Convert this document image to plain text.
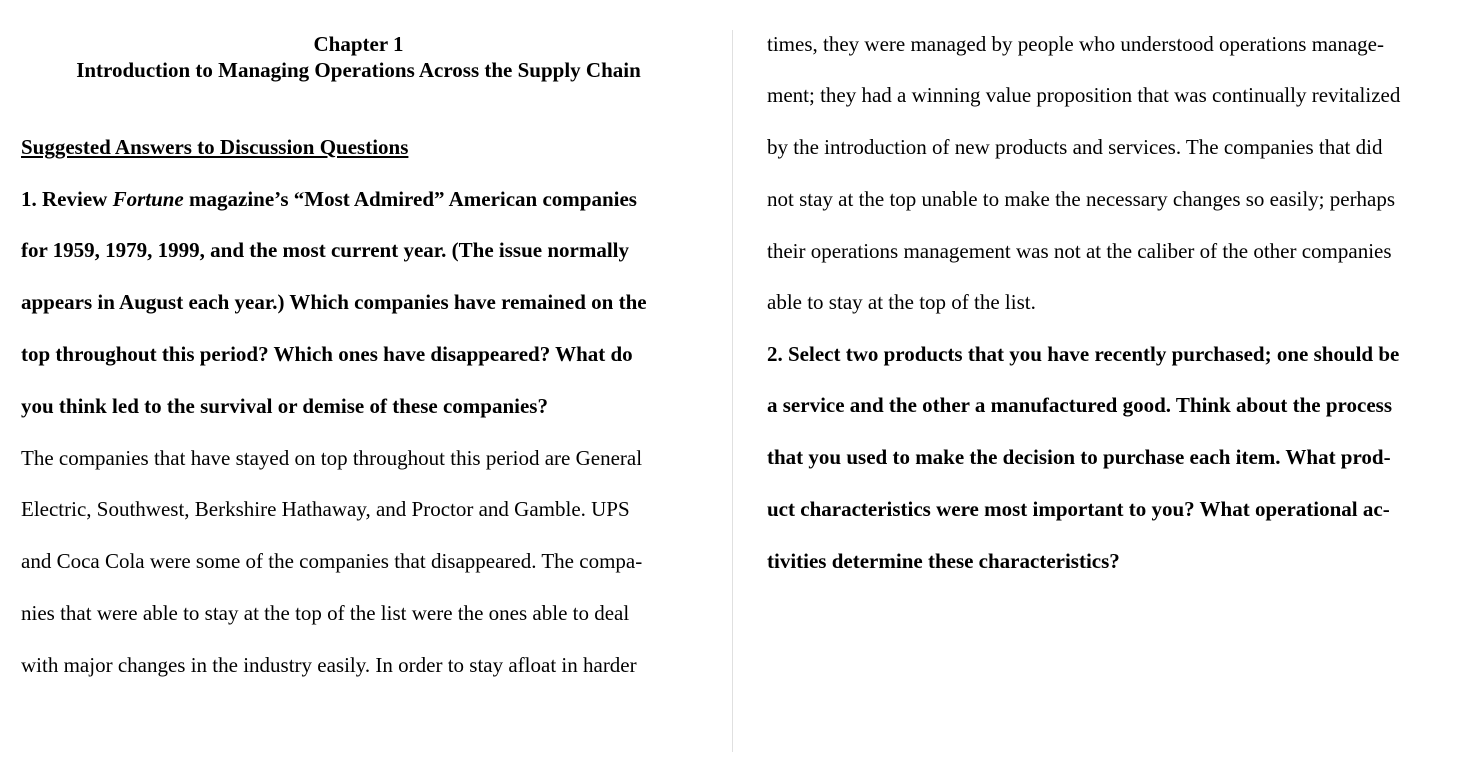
Chapter 1
Introduction to Managing Operations Across the Supply Chain
Suggested Answers to Discussion Questions
1. Review Fortune magazine’s “Most Admired” American companies
for 1959, 1979, 1999, and the most current year. (The issue normally
appears in August each year.) Which companies have remained on the
top throughout this period? Which ones have disappeared? What do
you think led to the survival or demise of these companies?
The companies that have stayed on top throughout this period are General
Electric, Southwest, Berkshire Hathaway, and Proctor and Gamble. UPS
and Coca Cola were some of the companies that disappeared. The compa-
nies that were able to stay at the top of the list were the ones able to deal
with major changes in the industry easily. In order to stay afloat in harder
times, they were managed by people who understood operations manage-
ment; they had a winning value proposition that was continually revitalized
by the introduction of new products and services. The companies that did
not stay at the top unable to make the necessary changes so easily; perhaps
their operations management was not at the caliber of the other companies
able to stay at the top of the list.
2. Select two products that you have recently purchased; one should be
a service and the other a manufactured good. Think about the process
that you used to make the decision to purchase each item. What prod-
uct characteristics were most important to you? What operational ac-
tivities determine these characteristics?
